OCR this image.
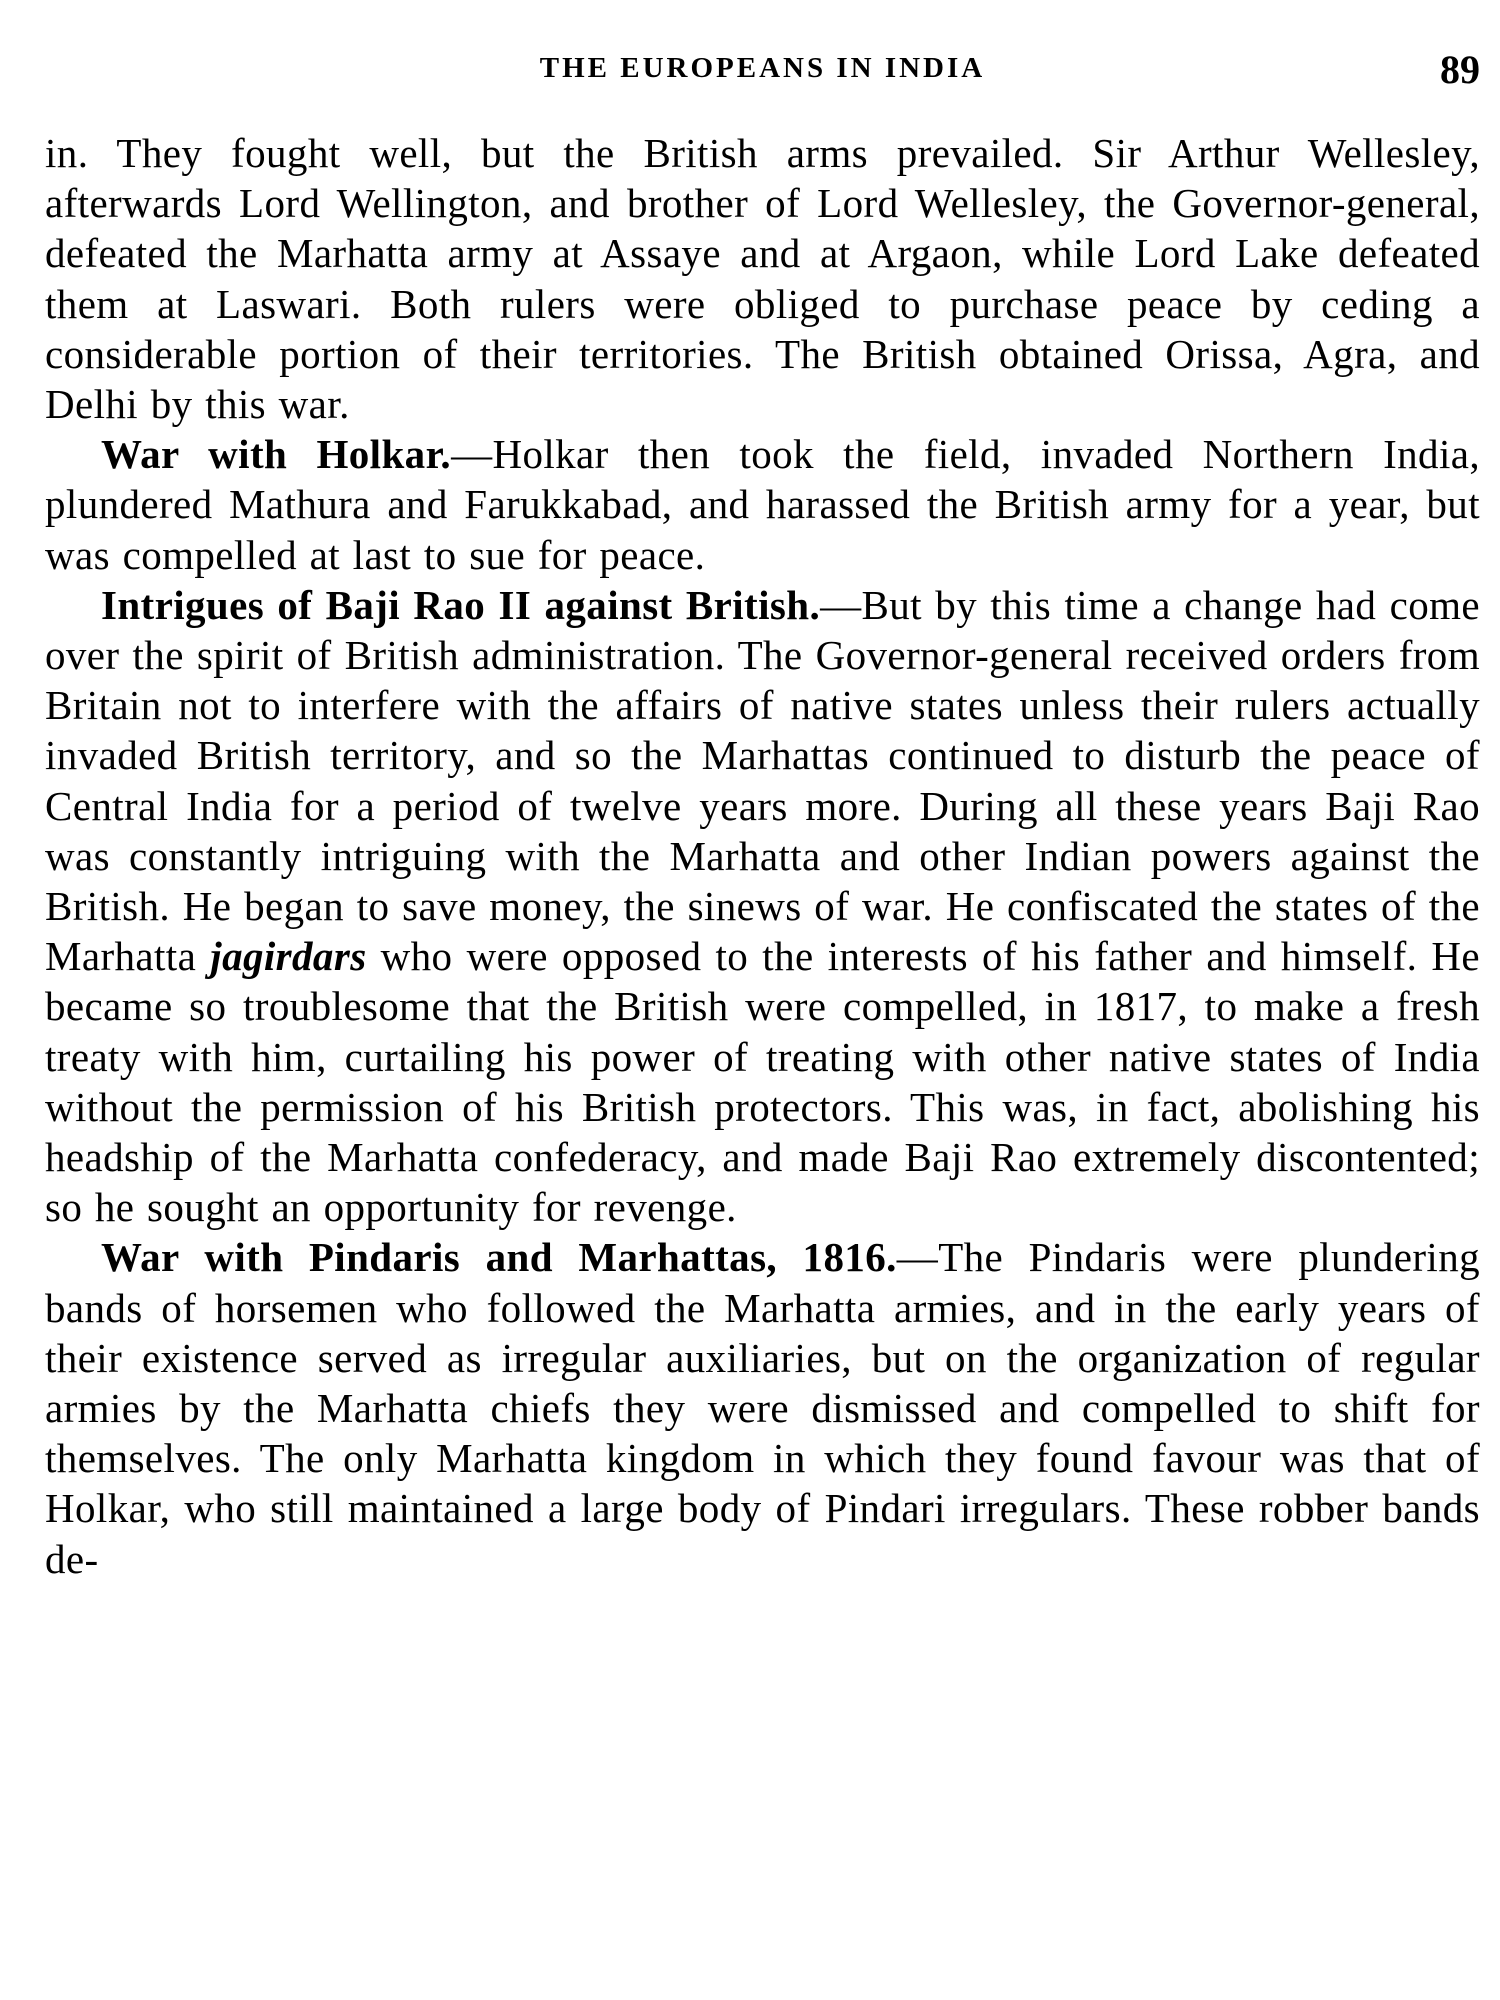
THE EUROPEANS IN INDIA	89

in. They fought well, but the British arms prevailed. Sir Arthur Wellesley, afterwards Lord Wellington, and brother of Lord Wellesley, the Governor-general, defeated the Marhatta army at Assaye and at Argaon, while Lord Lake defeated them at Laswari. Both rulers were obliged to purchase peace by ceding a considerable portion of their territories. The British obtained Orissa, Agra, and Delhi by this war.

War with Holkar.—Holkar then took the field, invaded Northern India, plundered Mathura and Farukkabad, and harassed the British army for a year, but was compelled at last to sue for peace.

Intrigues of Baji Rao II against British.—But by this time a change had come over the spirit of British administration. The Governor-general received orders from Britain not to interfere with the affairs of native states unless their rulers actually invaded British territory, and so the Marhattas continued to disturb the peace of Central India for a period of twelve years more. During all these years Baji Rao was constantly intriguing with the Marhatta and other Indian powers against the British. He began to save money, the sinews of war. He confiscated the states of the Marhatta jagirdars who were opposed to the interests of his father and himself. He became so troublesome that the British were compelled, in 1817, to make a fresh treaty with him, curtailing his power of treating with other native states of India without the permission of his British protectors. This was, in fact, abolishing his headship of the Marhatta confederacy, and made Baji Rao extremely discontented; so he sought an opportunity for revenge.

War with Pindaris and Marhattas, 1816.—The Pindaris were plundering bands of horsemen who followed the Marhatta armies, and in the early years of their existence served as irregular auxiliaries, but on the organization of regular armies by the Marhatta chiefs they were dismissed and compelled to shift for themselves. The only Marhatta kingdom in which they found favour was that of Holkar, who still maintained a large body of Pindari irregulars. These robber bands de-
